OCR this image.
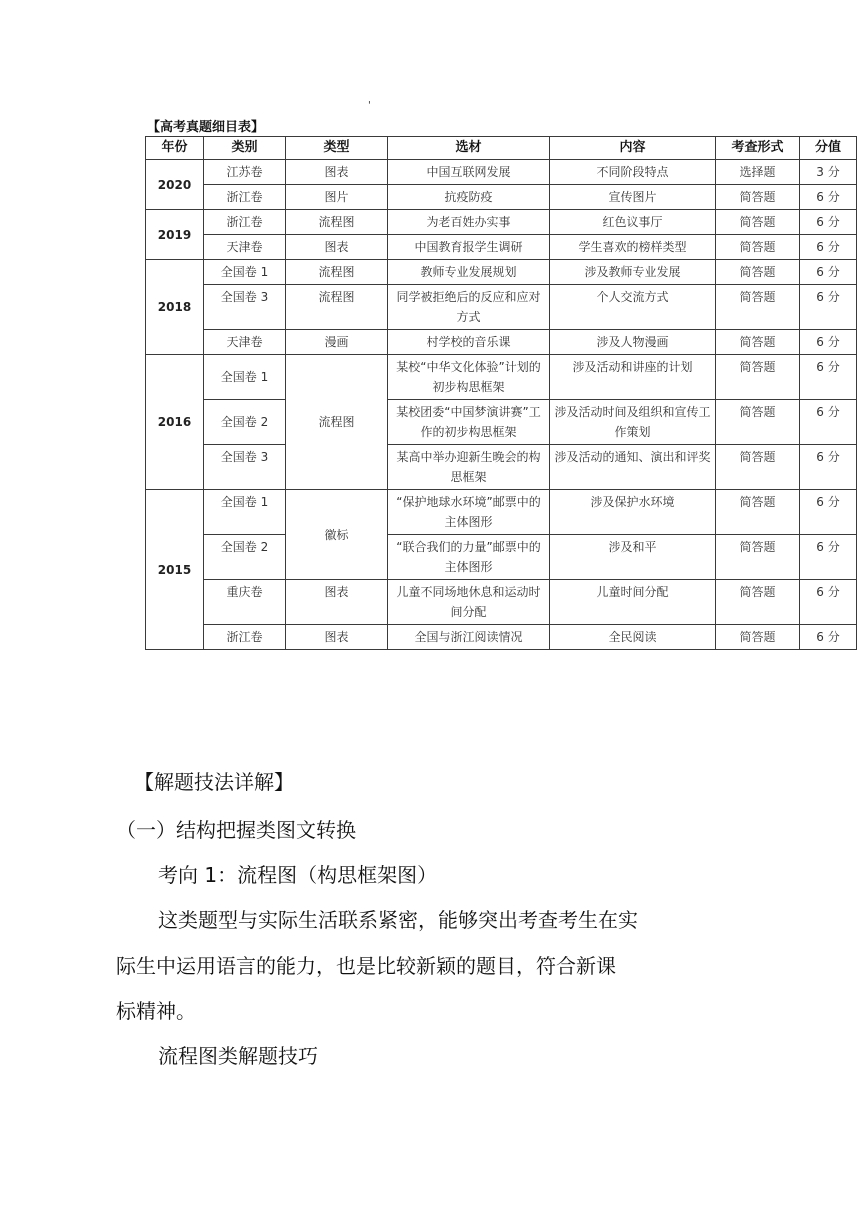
'
【高考真题细目表】
年份	类别	类型	选材	内容	考查形式	分值
2020	江苏卷	图表	中国互联网发展	不同阶段特点	选择题	3 分
	浙江卷	图片	抗疫防疫	宣传图片	简答题	6 分
2019	浙江卷	流程图	为老百姓办实事	红色议事厅	简答题	6 分
	天津卷	图表	中国教育报学生调研	学生喜欢的榜样类型	简答题	6 分
2018	全国卷 1	流程图	教师专业发展规划	涉及教师专业发展	简答题	6 分
	全国卷 3	流程图	同学被拒绝后的反应和应对方式	个人交流方式	简答题	6 分
	天津卷	漫画	村学校的音乐课	涉及人物漫画	简答题	6 分
2016	全国卷 1	流程图	某校“中华文化体验”计划的初步构思框架	涉及活动和讲座的计划	简答题	6 分
	全国卷 2		某校团委“中国梦演讲赛”工作的初步构思框架	涉及活动时间及组织和宣传工作策划	简答题	6 分
	全国卷 3		某高中举办迎新生晚会的构思框架	涉及活动的通知、演出和评奖	简答题	6 分
2015	全国卷 1	徽标	“保护地球水环境”邮票中的主体图形	涉及保护水环境	简答题	6 分
	全国卷 2		“联合我们的力量”邮票中的主体图形	涉及和平	简答题	6 分
	重庆卷	图表	儿童不同场地休息和运动时间分配	儿童时间分配	简答题	6 分
	浙江卷	图表	全国与浙江阅读情况	全民阅读	简答题	6 分
【解题技法详解】
（一）结构把握类图文转换
考向 1：流程图（构思框架图）
这类题型与实际生活联系紧密，能够突出考查考生在实
际生中运用语言的能力，也是比较新颖的题目，符合新课
标精神。
流程图类解题技巧
